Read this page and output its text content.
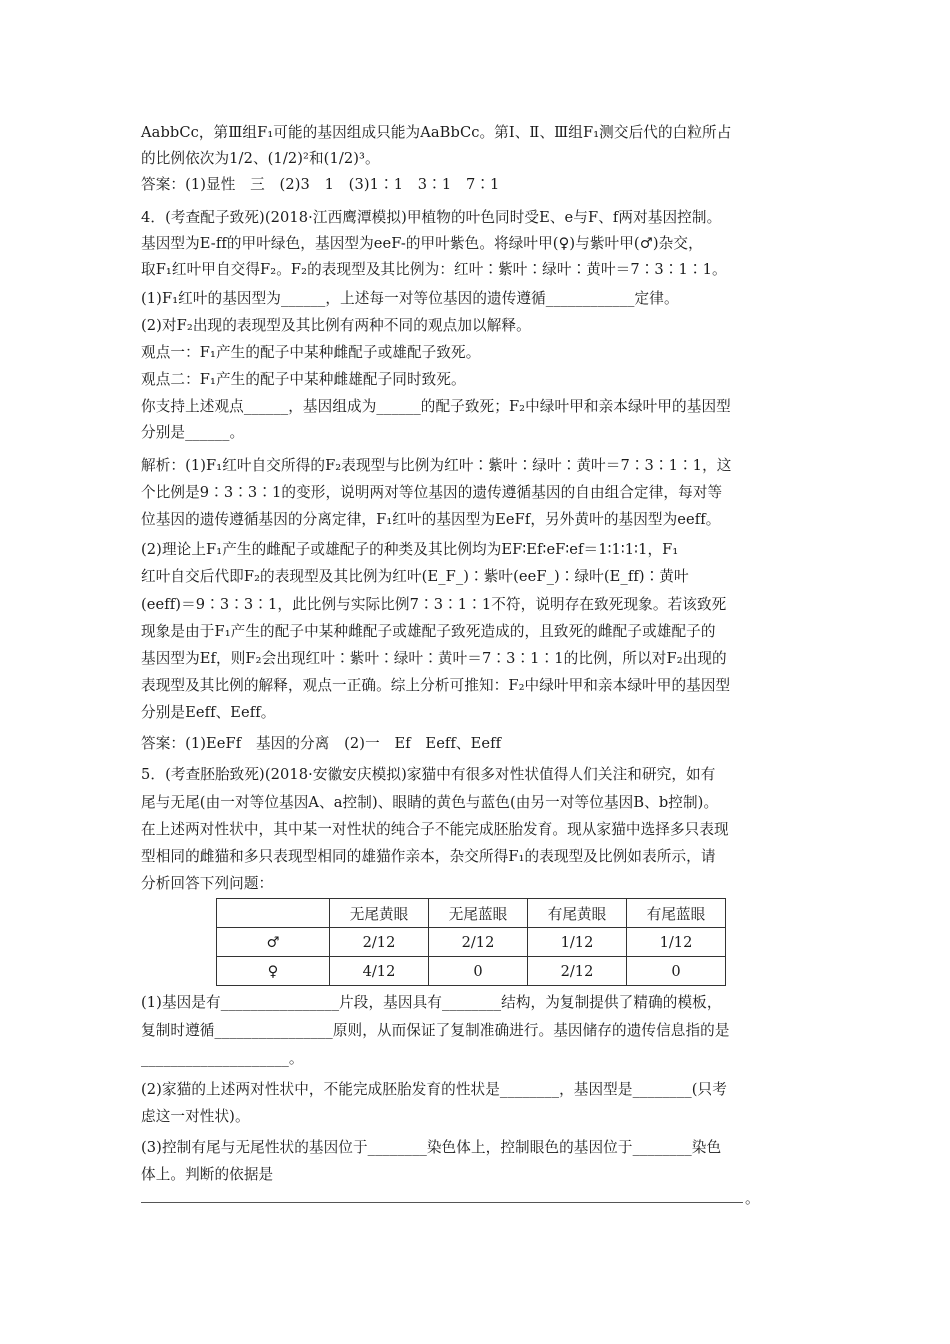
AabbCc，第Ⅲ组F₁可能的基因组成只能为AaBbCc。第Ⅰ、Ⅱ、Ⅲ组F₁测交后代的白粒所占
的比例依次为1/2、(1/2)²和(1/2)³。
答案：(1)显性　三　(2)3　1　(3)1∶1　3∶1　7∶1
4．(考查配子致死)(2018·江西鹰潭模拟)甲植物的叶色同时受E、e与F、f两对基因控制。
基因型为E-ff的甲叶绿色，基因型为eeF-的甲叶紫色。将绿叶甲(♀)与紫叶甲(♂)杂交，
取F₁红叶甲自交得F₂。F₂的表现型及其比例为：红叶∶紫叶∶绿叶∶黄叶＝7∶3∶1∶1。
(1)F₁红叶的基因型为______，上述每一对等位基因的遗传遵循____________定律。
(2)对F₂出现的表现型及其比例有两种不同的观点加以解释。
观点一：F₁产生的配子中某种雌配子或雄配子致死。
观点二：F₁产生的配子中某种雌雄配子同时致死。
你支持上述观点______，基因组成为______的配子致死；F₂中绿叶甲和亲本绿叶甲的基因型
分别是______。
解析：(1)F₁红叶自交所得的F₂表现型与比例为红叶∶紫叶∶绿叶∶黄叶＝7∶3∶1∶1，这
个比例是9∶3∶3∶1的变形，说明两对等位基因的遗传遵循基因的自由组合定律，每对等
位基因的遗传遵循基因的分离定律，F₁红叶的基因型为EeFf，另外黄叶的基因型为eeff。
(2)理论上F₁产生的雌配子或雄配子的种类及其比例均为EF∶Ef∶eF∶ef＝1∶1∶1∶1，F₁
红叶自交后代即F₂的表现型及其比例为红叶(E_F_)∶紫叶(eeF_)∶绿叶(E_ff)∶黄叶
(eeff)＝9∶3∶3∶1，此比例与实际比例7∶3∶1∶1不符，说明存在致死现象。若该致死
现象是由于F₁产生的配子中某种雌配子或雄配子致死造成的，且致死的雌配子或雄配子的
基因型为Ef，则F₂会出现红叶∶紫叶∶绿叶∶黄叶＝7∶3∶1∶1的比例，所以对F₂出现的
表现型及其比例的解释，观点一正确。综上分析可推知：F₂中绿叶甲和亲本绿叶甲的基因型
分别是Eeff、Eeff。
答案：(1)EeFf　基因的分离　(2)一　Ef　Eeff、Eeff
5．(考查胚胎致死)(2018·安徽安庆模拟)家猫中有很多对性状值得人们关注和研究，如有
尾与无尾(由一对等位基因A、a控制)、眼睛的黄色与蓝色(由另一对等位基因B、b控制)。
在上述两对性状中，其中某一对性状的纯合子不能完成胚胎发育。现从家猫中选择多只表现
型相同的雌猫和多只表现型相同的雄猫作亲本，杂交所得F₁的表现型及比例如表所示，请
分析回答下列问题：
	无尾黄眼	无尾蓝眼	有尾黄眼	有尾蓝眼
♂	2/12	2/12	1/12	1/12
♀	4/12	0	2/12	0
(1)基因是有________________片段，基因具有________结构，为复制提供了精确的模板，
复制时遵循________________原则，从而保证了复制准确进行。基因储存的遗传信息指的是
____________________。
(2)家猫的上述两对性状中，不能完成胚胎发育的性状是________，基因型是________(只考
虑这一对性状)。
(3)控制有尾与无尾性状的基因位于________染色体上，控制眼色的基因位于________染色
体上。判断的依据是
。
